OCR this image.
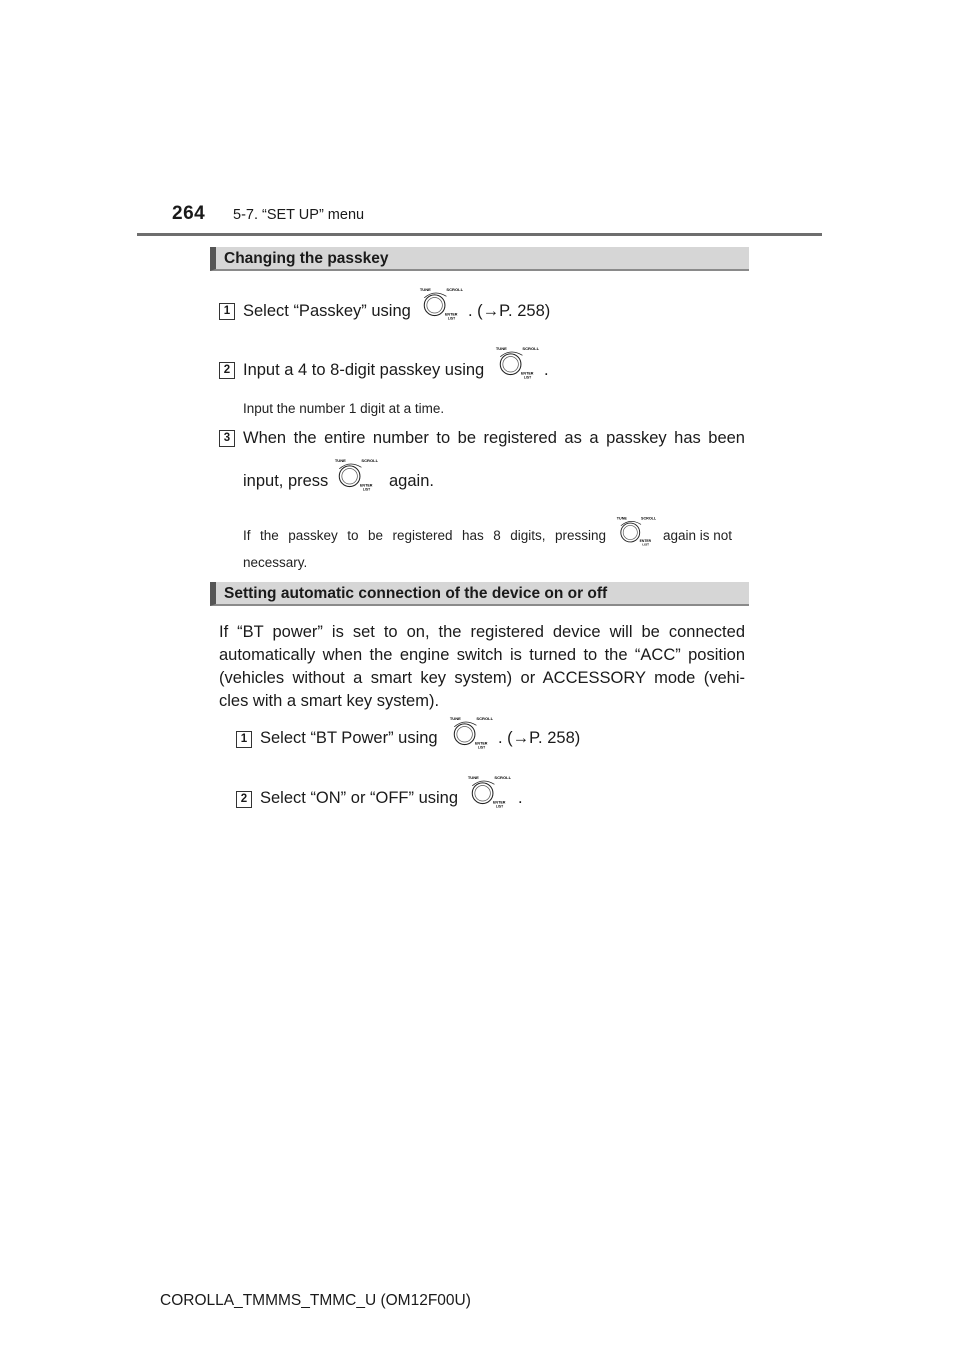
264 5-7. “SET UP” menu
Changing the passkey
1 Select “Passkey” using	. (→P. 258)
2 Input a 4 to 8-digit passkey using	.
Input the number 1 digit at a time.
3 When the entire number to be registered as a passkey has been
input, press	again.
If the passkey to be registered has 8 digits, pressing	again is not
necessary.
Setting automatic connection of the device on or off
If “BT power” is set to on, the registered device will be connected
automatically when the engine switch is turned to the “ACC” position
(vehicles without a smart key system) or ACCESSORY mode (vehi-
cles with a smart key system).
1 Select “BT Power” using	. (→P. 258)
2 Select “ON” or “OFF” using	.
COROLLA_TMMMS_TMMC_U (OM12F00U)
